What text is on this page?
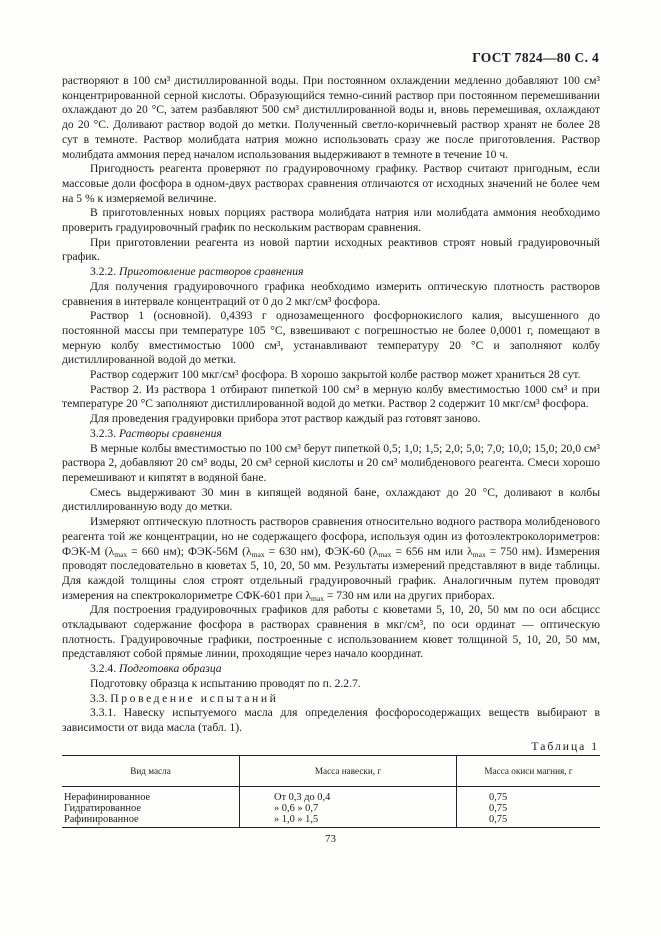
ГОСТ 7824—80 С. 4

растворяют в 100 см³ дистиллированной воды. При постоянном охлаждении медленно добавляют 100 см³ концентрированной серной кислоты. Образующийся темно-синий раствор при постоянном перемешивании охлаждают до 20 °С, затем разбавляют 500 см³ дистиллированной воды и, вновь перемешивая, охлаждают до 20 °С. Доливают раствор водой до метки. Полученный светло-коричневый раствор хранят не более 28 сут в темноте. Раствор молибдата натрия можно использовать сразу же после приготовления. Раствор молибдата аммония перед началом использования выдерживают в темноте в течение 10 ч.

Пригодность реагента проверяют по градуировочному графику. Раствор считают пригодным, если массовые доли фосфора в одном-двух растворах сравнения отличаются от исходных значений не более чем на 5 % к измеряемой величине.

В приготовленных новых порциях раствора молибдата натрия или молибдата аммония необходимо проверить градуировочный график по нескольким растворам сравнения.

При приготовлении реагента из новой партии исходных реактивов строят новый градуировочный график.

3.2.2. Приготовление растворов сравнения

Для получения градуировочного графика необходимо измерить оптическую плотность растворов сравнения в интервале концентраций от 0 до 2 мкг/см³ фосфора.

Раствор 1 (основной). 0,4393 г однозамещенного фосфорнокислого калия, высушенного до постоянной массы при температуре 105 °С, взвешивают с погрешностью не более 0,0001 г, помещают в мерную колбу вместимостью 1000 см³, устанавливают температуру 20 °С и заполняют колбу дистиллированной водой до метки.

Раствор содержит 100 мкг/см³ фосфора. В хорошо закрытой колбе раствор может храниться 28 сут.

Раствор 2. Из раствора 1 отбирают пипеткой 100 см³ в мерную колбу вместимостью 1000 см³ и при температуре 20 °С заполняют дистиллированной водой до метки. Раствор 2 содержит 10 мкг/см³ фосфора.

Для проведения градуировки прибора этот раствор каждый раз готовят заново.

3.2.3. Растворы сравнения

В мерные колбы вместимостью по 100 см³ берут пипеткой 0,5; 1,0; 1,5; 2,0; 5,0; 7,0; 10,0; 15,0; 20,0 см³ раствора 2, добавляют 20 см³ воды, 20 см³ серной кислоты и 20 см³ молибденового реагента. Смеси хорошо перемешивают и кипятят в водяной бане.

Смесь выдерживают 30 мин в кипящей водяной бане, охлаждают до 20 °С, доливают в колбы дистиллированную воду до метки.

Измеряют оптическую плотность растворов сравнения относительно водного раствора молибденового реагента той же концентрации, но не содержащего фосфора, используя один из фотоэлектроколориметров: ФЭК-М ($\lambda_{max} = 660$ нм); ФЭК-56М ($\lambda_{max} = 630$ нм), ФЭК-60 ($\lambda_{max} = 656$ нм или $\lambda_{max} = 750$ нм). Измерения проводят последовательно в кюветах 5, 10, 20, 50 мм. Результаты измерений представляют в виде таблицы. Для каждой толщины слоя строят отдельный градуировочный график. Аналогичным путем проводят измерения на спектроколориметре СФК-601 при $\lambda_{max} = 730$ нм или на других приборах.

Для построения градуировочных графиков для работы с кюветами 5, 10, 20, 50 мм по оси абсцисс откладывают содержание фосфора в растворах сравнения в мкг/см³, по оси ординат — оптическую плотность. Градуировочные графики, построенные с использованием кювет толщиной 5, 10, 20, 50 мм, представляют собой прямые линии, проходящие через начало координат.

3.2.4. Подготовка образца

Подготовку образца к испытанию проводят по п. 2.2.7.

3.3. Проведение испытаний

3.3.1. Навеску испытуемого масла для определения фосфоросодержащих веществ выбирают в зависимости от вида масла (табл. 1).

Таблица 1
Вид масла	Масса навески, г	Масса окиси магния, г
Нерафинированное	От 0,3 до 0,4	0,75
Гидратированное	» 0,6 » 0,7	0,75
Рафинированное	» 1,0 » 1,5	0,75
73
